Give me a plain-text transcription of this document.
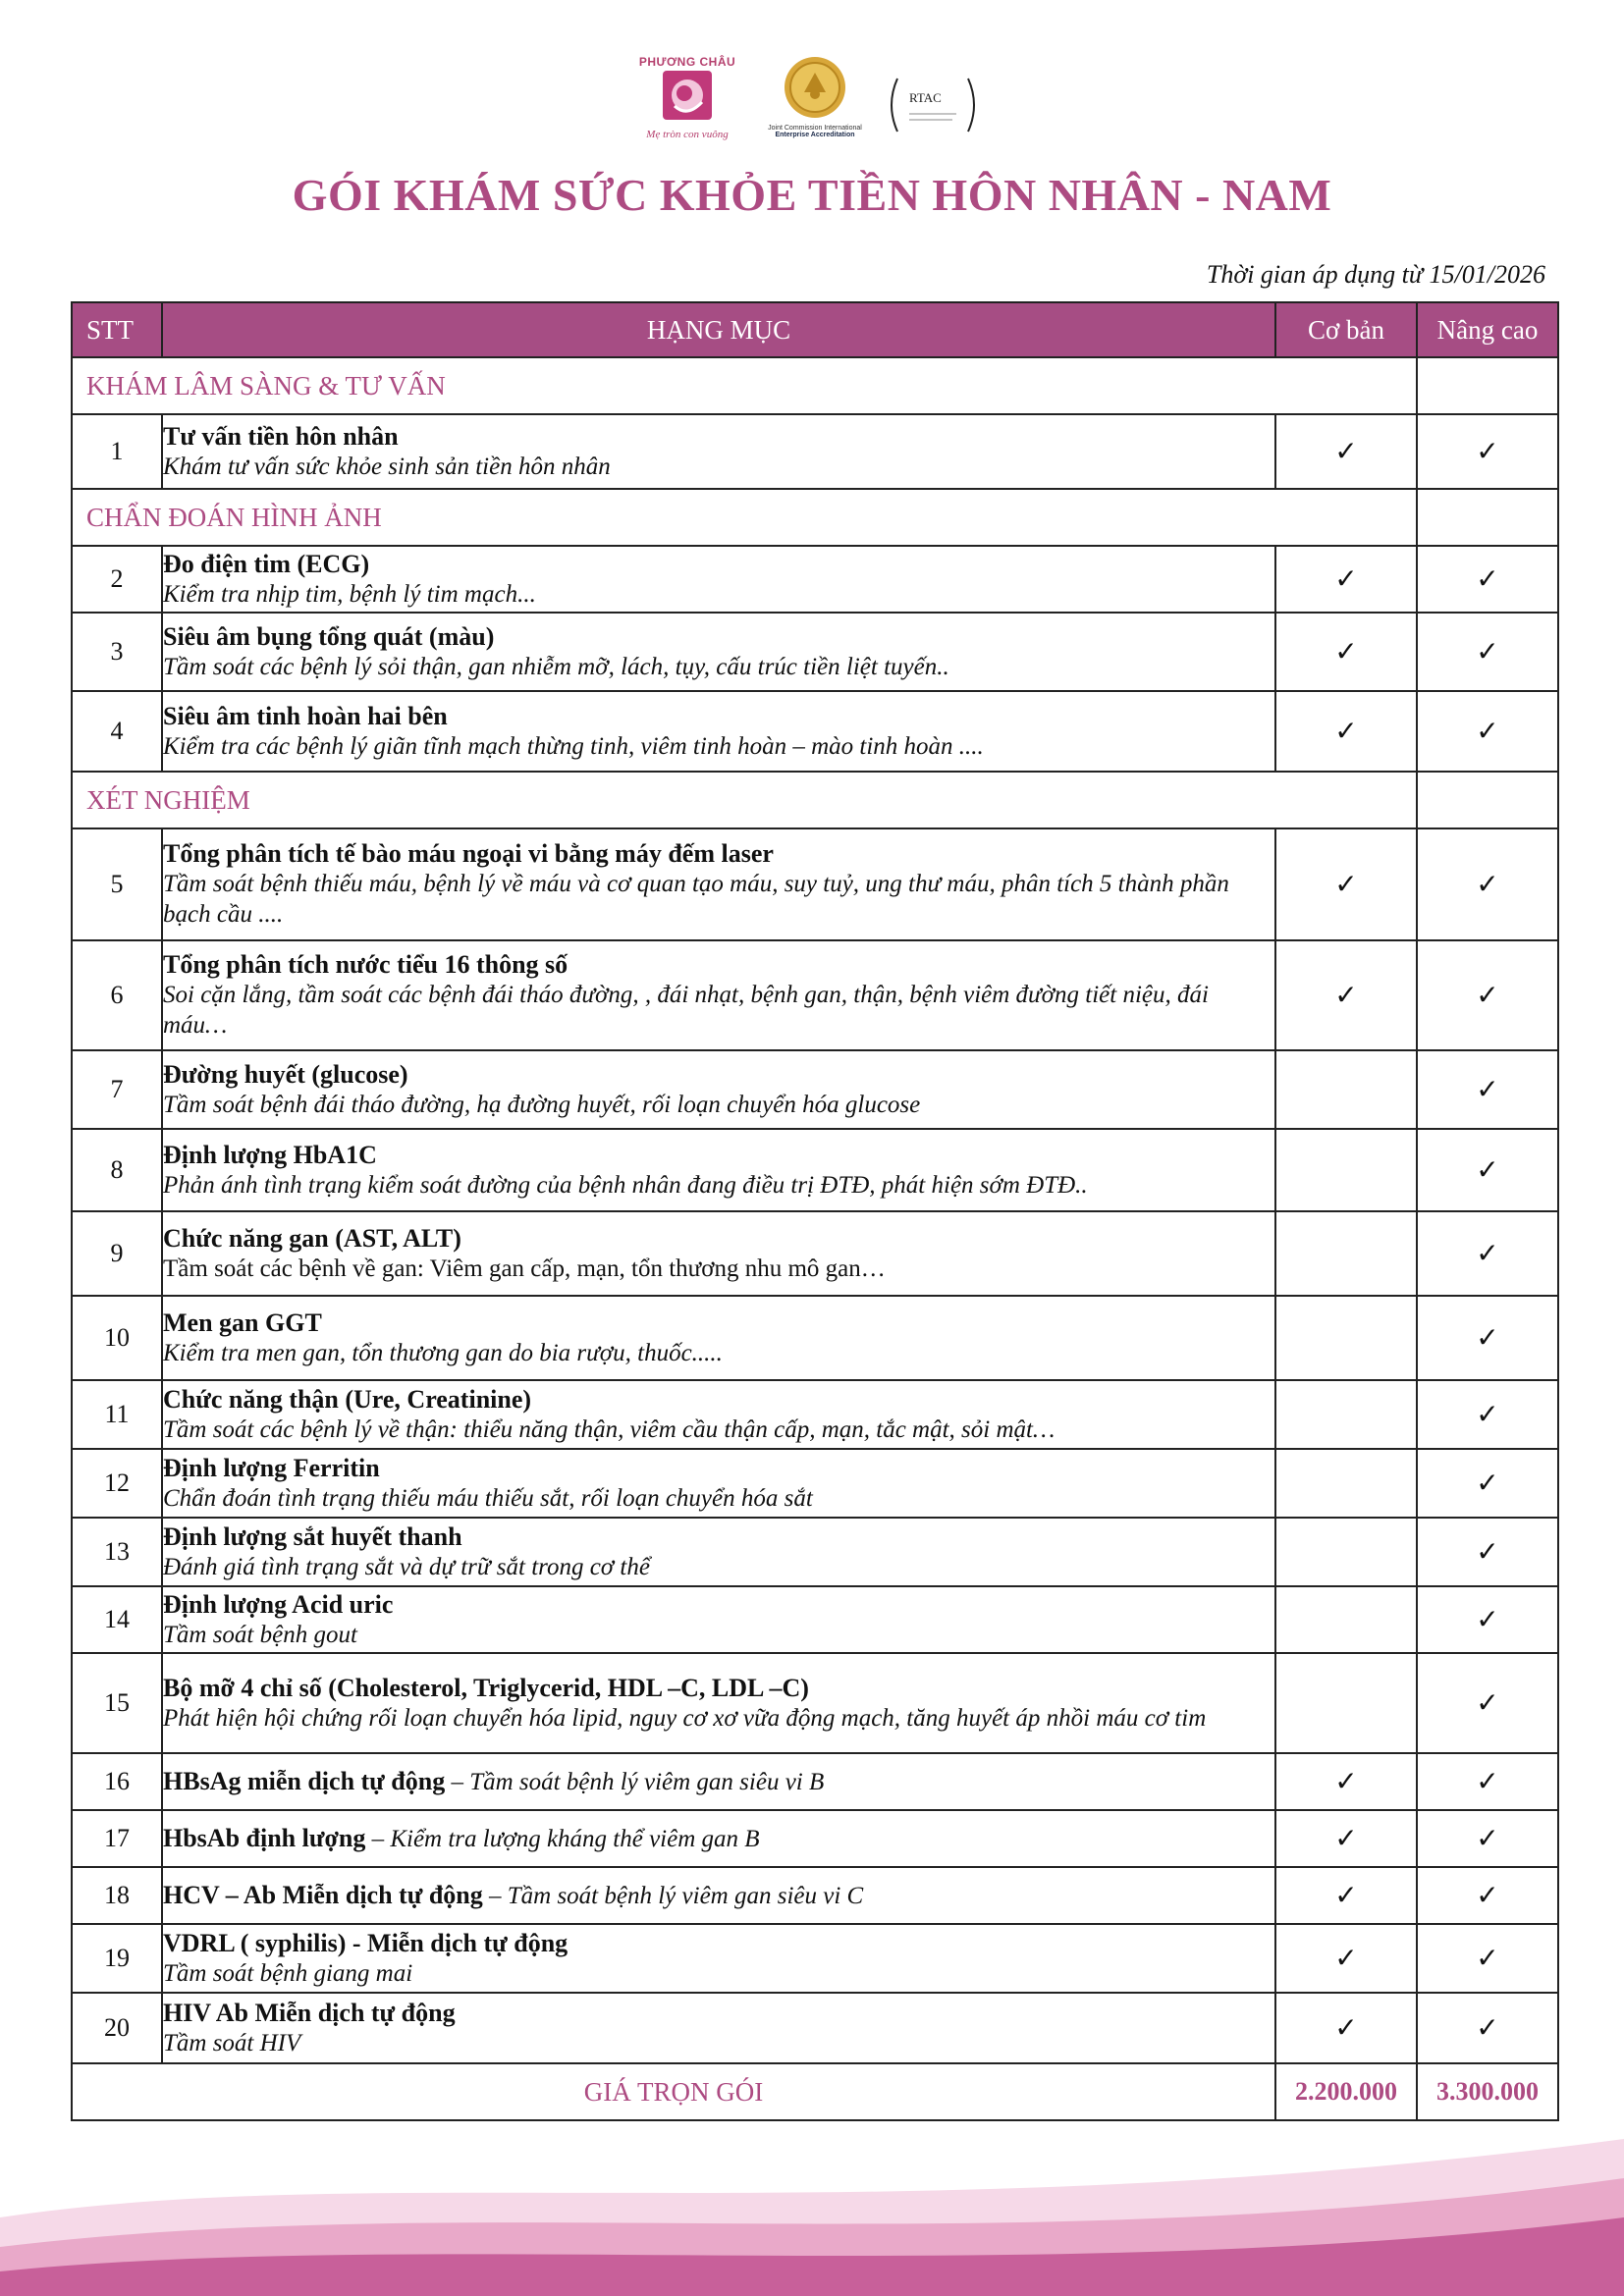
PHƯƠNG CHÂU
Mẹ tròn con vuông
Joint Commission International
Enterprise Accreditation
RTAC
GÓI KHÁM SỨC KHỎE TIỀN HÔN NHÂN - NAM
Thời gian áp dụng từ 15/01/2026
STT	HẠNG MỤC	Cơ bản	Nâng cao
KHÁM LÂM SÀNG & TƯ VẤN			
1	Tư vấn tiền hôn nhân
Khám tư vấn sức khỏe sinh sản tiền hôn nhân	✓	✓
CHẨN ĐOÁN HÌNH ẢNH			
2	Đo điện tim (ECG)
Kiểm tra nhịp tim, bệnh lý tim mạch...	✓	✓
3	Siêu âm bụng tổng quát (màu)
Tầm soát các bệnh lý sỏi thận, gan nhiễm mỡ, lách, tụy, cấu trúc tiền liệt tuyến..	✓	✓
4	Siêu âm tinh hoàn hai bên
Kiểm tra các bệnh lý giãn tĩnh mạch thừng tinh, viêm tinh hoàn – mào tinh hoàn ....	✓	✓
XÉT NGHIỆM			
5	Tổng phân tích tế bào máu ngoại vi bằng máy đếm laser
Tầm soát bệnh thiếu máu, bệnh lý về máu và cơ quan tạo máu, suy tuỷ, ung thư máu, phân tích 5 thành phần bạch cầu ....	✓	✓
6	Tổng phân tích nước tiểu 16 thông số
Soi cặn lắng, tầm soát các bệnh đái tháo đường, , đái nhạt, bệnh gan, thận, bệnh viêm đường tiết niệu, đái máu…	✓	✓
7	Đường huyết (glucose)
Tầm soát bệnh đái tháo đường, hạ đường huyết, rối loạn chuyển hóa glucose		✓
8	Định lượng HbA1C
Phản ánh tình trạng kiểm soát đường của bệnh nhân đang điều trị ĐTĐ, phát hiện sớm ĐTĐ..		✓
9	Chức năng gan (AST, ALT)
Tầm soát các bệnh về gan: Viêm gan cấp, mạn, tổn thương nhu mô gan…		✓
10	Men gan GGT
Kiểm tra men gan, tổn thương gan do bia rượu, thuốc.....		✓
11	Chức năng thận (Ure, Creatinine)
Tầm soát các bệnh lý về thận: thiểu năng thận, viêm cầu thận cấp, mạn, tắc mật, sỏi mật…		✓
12	Định lượng Ferritin
Chẩn đoán tình trạng thiếu máu thiếu sắt, rối loạn chuyển hóa sắt		✓
13	Định lượng sắt huyết thanh
Đánh giá tình trạng sắt và dự trữ sắt trong cơ thể		✓
14	Định lượng Acid uric
Tầm soát bệnh gout		✓
15	Bộ mỡ 4 chỉ số (Cholesterol, Triglycerid, HDL –C, LDL –C)
Phát hiện hội chứng rối loạn chuyển hóa lipid, nguy cơ xơ vữa động mạch, tăng huyết áp nhồi máu cơ tim		✓
16	HBsAg miễn dịch tự động – Tầm soát bệnh lý viêm gan siêu vi B	✓	✓
17	HbsAb định lượng – Kiểm tra lượng kháng thể viêm gan B	✓	✓
18	HCV – Ab Miễn dịch tự động – Tầm soát bệnh lý viêm gan siêu vi C	✓	✓
19	VDRL ( syphilis) - Miễn dịch tự động
Tầm soát bệnh giang mai	✓	✓
20	HIV Ab Miễn dịch tự động
Tầm soát HIV	✓	✓
GIÁ TRỌN GÓI		2.200.000	3.300.000
